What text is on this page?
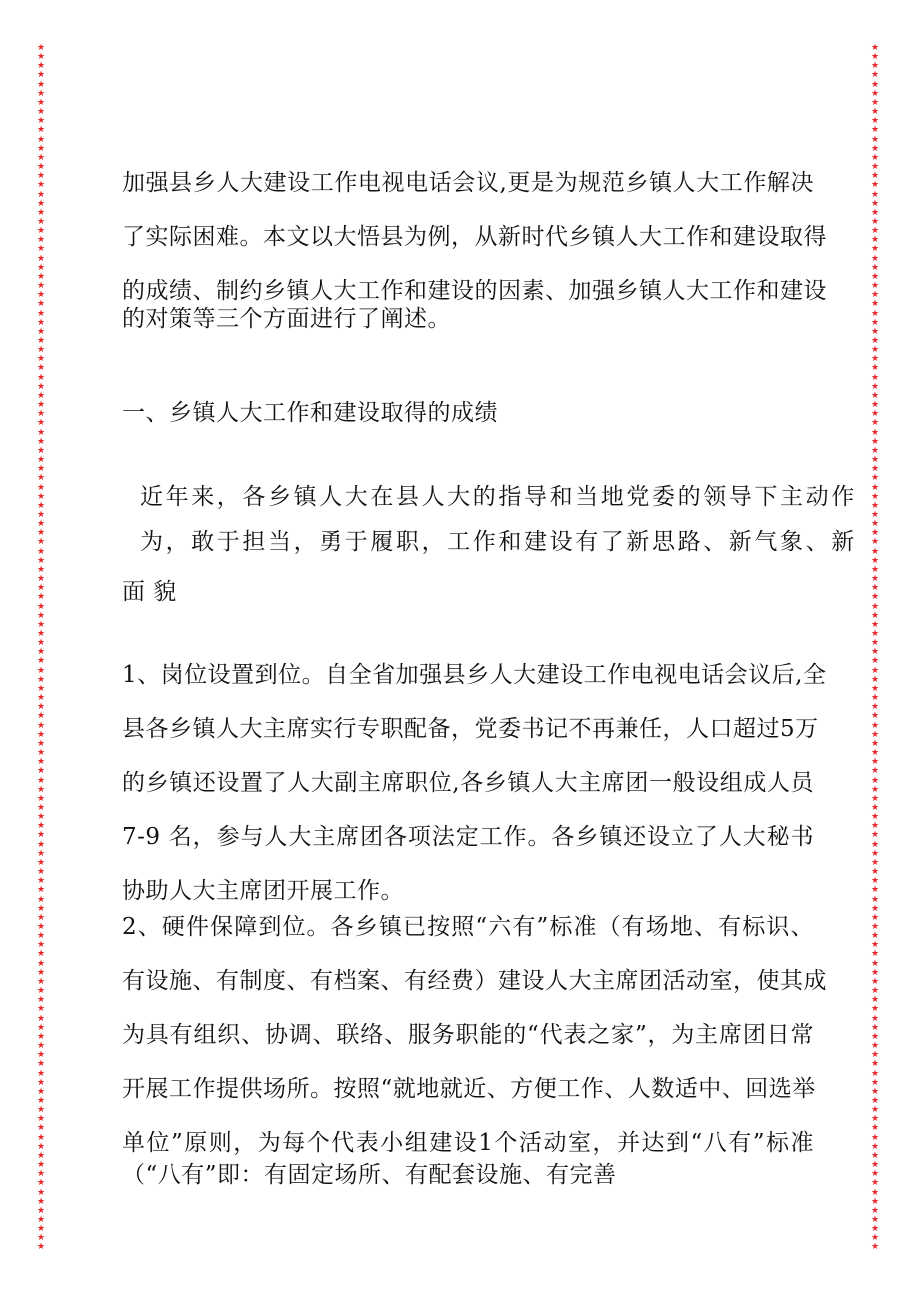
★
★
★
★
★
★
★
★
★
★
★
★
★
★
★
★
★
★
★
★
★
★
★
★
★
★
★
★
★
★
★
★
★
★
★
★
★
★
★
★
★
★
★
★
★
★
★
★
★
★
★
★
★
★
★
★
★
★
★
★
★
★
★
★
★
★
★
★
★
★
★
★
★
★
★
★
★
★
★
★
★
★
★
★
★
★
★
★
★
★
★
★
★
★
★
★
★
★
★
★
★
★
★
★
★
★
★
★
★
★
★
★
★
★
★
★
★
★
★
★
★
★
★
★
★
★
★
★
★
★
★
★

★
★
★
★
★
★
★
★
★
★
★
★
★
★
★
★
★
★
★
★
★
★
★
★
★
★
★
★
★
★
★
★
★
★
★
★
★
★
★
★
★
★
★
★
★
★
★
★
★
★
★
★
★
★
★
★
★
★
★
★
★
★
★
★
★
★
★
★
★
★
★
★
★
★
★
★
★
★
★
★
★
★
★
★
★
★
★
★
★
★
★
★
★
★
★
★
★
★
★
★
★
★
★
★
★
★
★
★
★
★
★
★
★
★
★
★
★
★
★
★
★
★
★
★
★
★
★
★
★
★
★
★

加强县乡人大建设工作电视电话会议,更是为规范乡镇人大工作解决
了实际困难。本文以大悟县为例，从新时代乡镇人大工作和建设取得
的成绩、制约乡镇人大工作和建设的因素、加强乡镇人大工作和建设
的对策等三个方面进行了阐述。
一、乡镇人大工作和建设取得的成绩
近年来，各乡镇人大在县人大的指导和当地党委的领导下主动作
为，敢于担当，勇于履职，工作和建设有了新思路、新气象、新
面 貌
1、岗位设置到位。自全省加强县乡人大建设工作电视电话会议后,全
县各乡镇人大主席实行专职配备，党委书记不再兼任，人口超过5万
的乡镇还设置了人大副主席职位,各乡镇人大主席团一般设组成人员
7-9 名，参与人大主席团各项法定工作。各乡镇还设立了人大秘书
协助人大主席团开展工作。
2、硬件保障到位。各乡镇已按照“六有”标准（有场地、有标识、
有设施、有制度、有档案、有经费）建设人大主席团活动室，使其成
为具有组织、协调、联络、服务职能的“代表之家”，为主席团日常
开展工作提供场所。按照“就地就近、方便工作、人数适中、回选举
单位”原则，为每个代表小组建设1个活动室，并达到“八有”标准
（“八有”即：有固定场所、有配套设施、有完善
